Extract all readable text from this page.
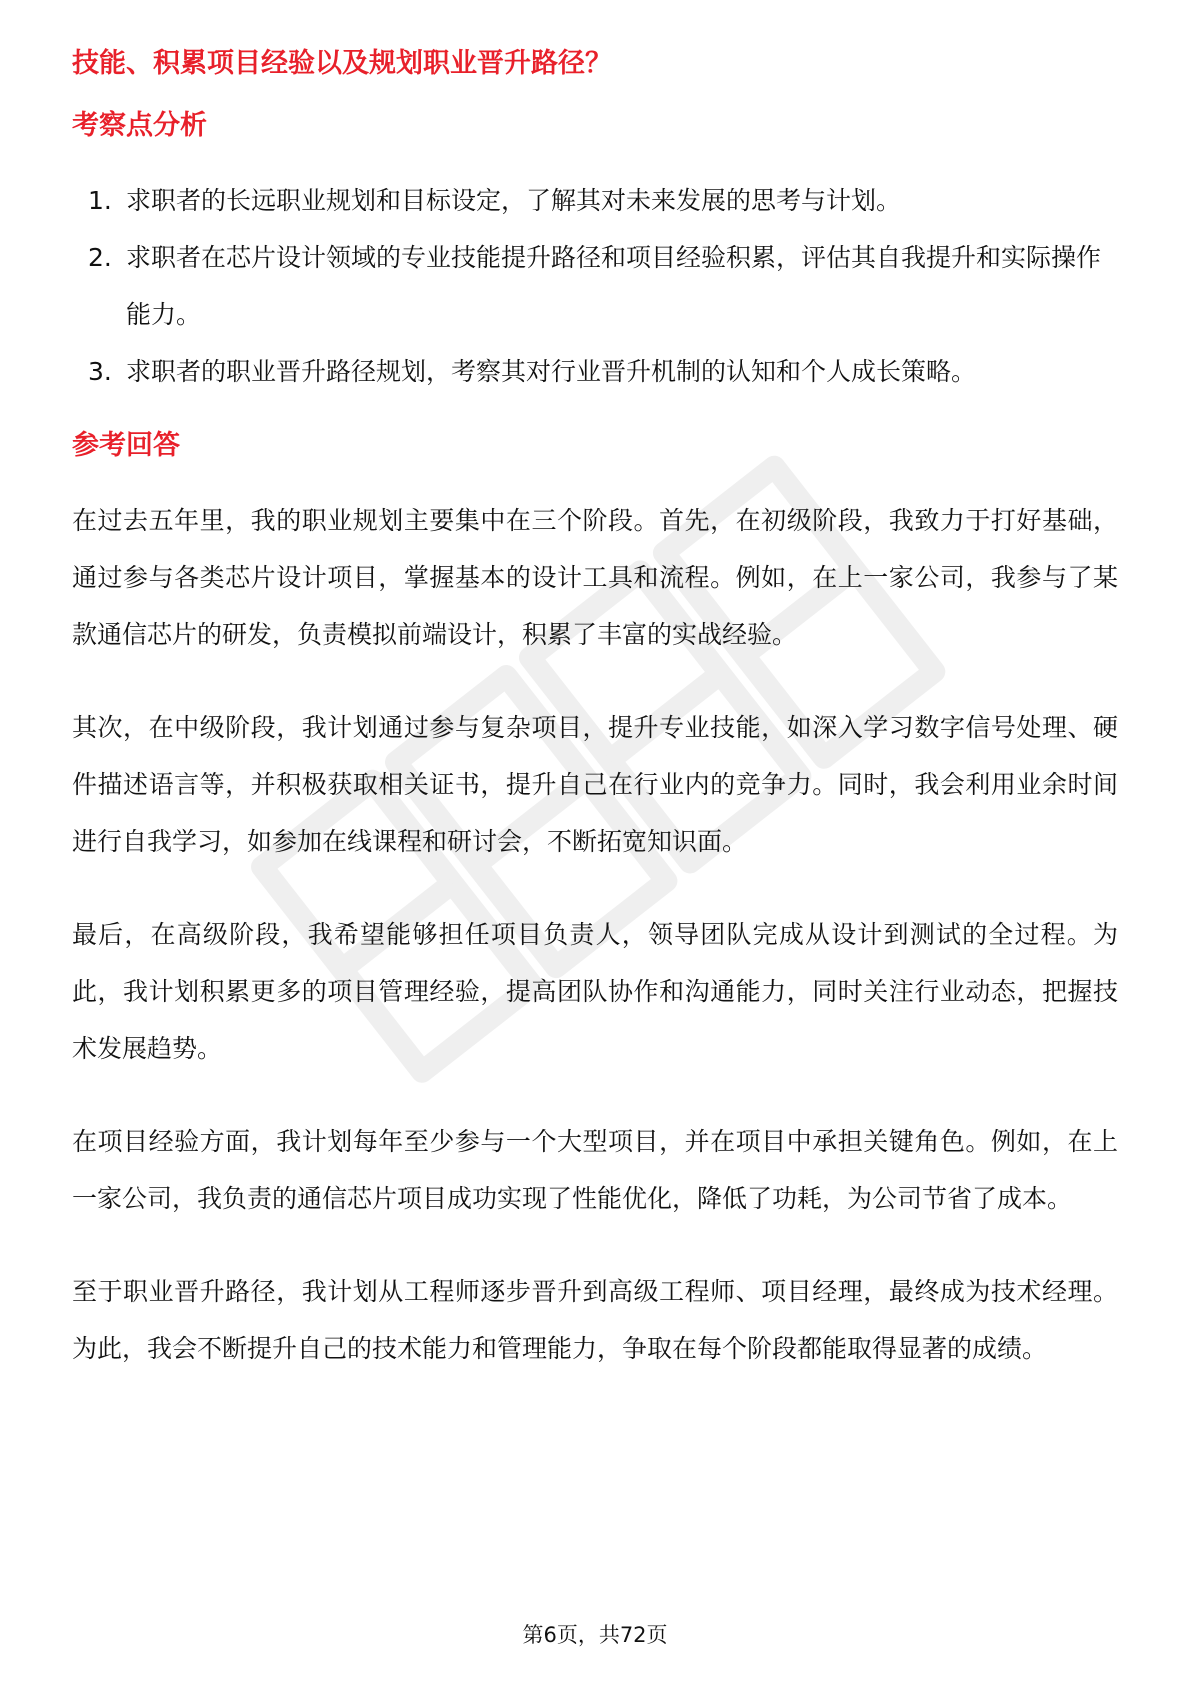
技能、积累项目经验以及规划职业晋升路径？
考察点分析
1. 求职者的长远职业规划和目标设定，了解其对未来发展的思考与计划。
2. 求职者在芯片设计领域的专业技能提升路径和项目经验积累，评估其自我提升和实际操作能力。
3. 求职者的职业晋升路径规划，考察其对行业晋升机制的认知和个人成长策略。
参考回答

在过去五年里，我的职业规划主要集中在三个阶段。首先，在初级阶段，我致力于打好基础，通过参与各类芯片设计项目，掌握基本的设计工具和流程。例如，在上一家公司，我参与了某款通信芯片的研发，负责模拟前端设计，积累了丰富的实战经验。

其次，在中级阶段，我计划通过参与复杂项目，提升专业技能，如深入学习数字信号处理、硬件描述语言等，并积极获取相关证书，提升自己在行业内的竞争力。同时，我会利用业余时间进行自我学习，如参加在线课程和研讨会，不断拓宽知识面。

最后，在高级阶段，我希望能够担任项目负责人，领导团队完成从设计到测试的全过程。为此，我计划积累更多的项目管理经验，提高团队协作和沟通能力，同时关注行业动态，把握技术发展趋势。

在项目经验方面，我计划每年至少参与一个大型项目，并在项目中承担关键角色。例如，在上一家公司，我负责的通信芯片项目成功实现了性能优化，降低了功耗，为公司节省了成本。

至于职业晋升路径，我计划从工程师逐步晋升到高级工程师、项目经理，最终成为技术经理。为此，我会不断提升自己的技术能力和管理能力，争取在每个阶段都能取得显著的成绩。

第6页，共72页
